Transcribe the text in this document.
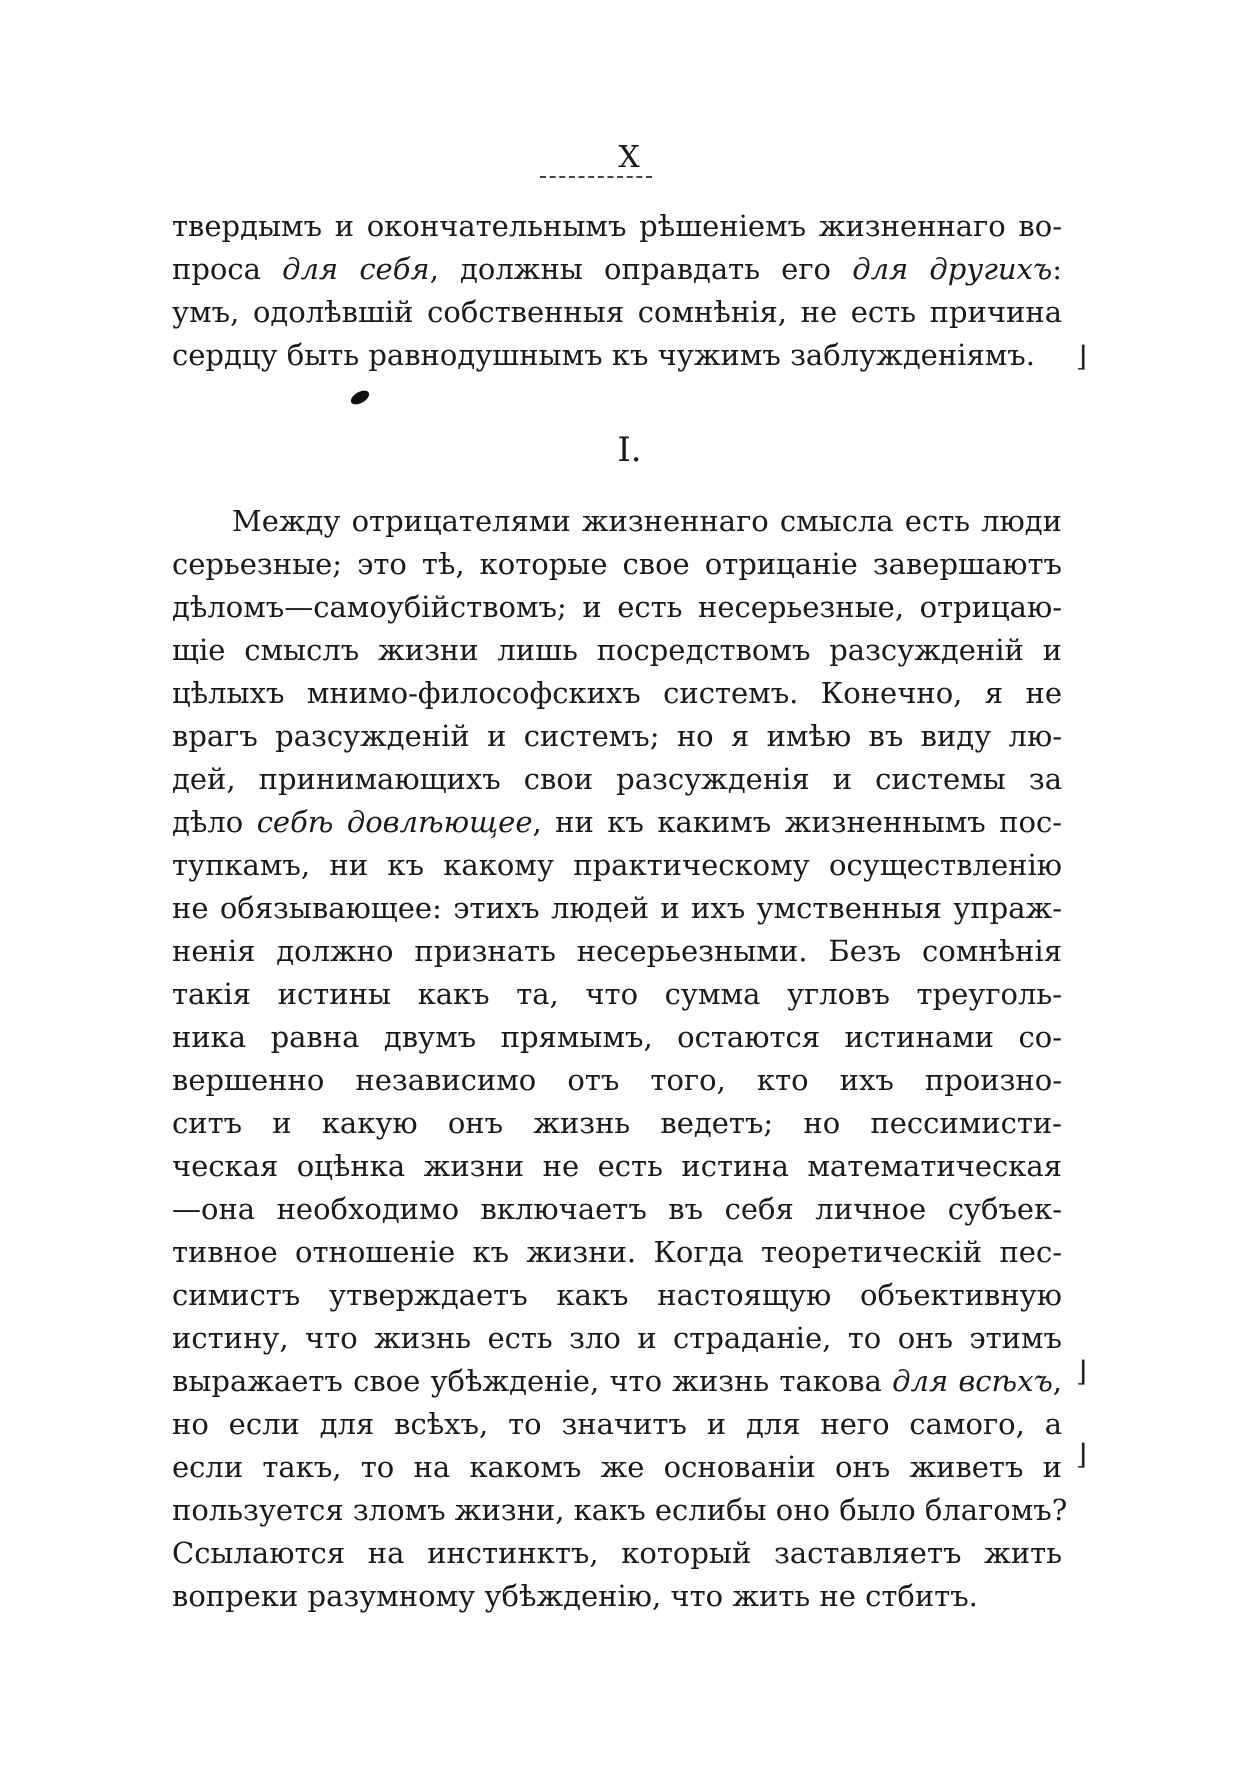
X
твердымъ и окончательнымъ рѣшеніемъ жизненнаго во-
проса для себя, должны оправдать его для другихъ:
умъ, одолѣвшій собственныя сомнѣнія, не есть причина
сердцу быть равнодушнымъ къ чужимъ заблужденіямъ.
I.
Между отрицателями жизненнаго смысла есть люди
серьезные; это тѣ, которые свое отрицаніе завершаютъ
дѣломъ—самоубійствомъ; и есть несерьезные, отрицаю-
щіе смыслъ жизни лишь посредствомъ разсужденій и
цѣлыхъ мнимо-философскихъ системъ. Конечно, я не
врагъ разсужденій и системъ; но я имѣю въ виду лю-
дей, принимающихъ свои разсужденія и системы за
дѣло себѣ довлѣющее, ни къ какимъ жизненнымъ пос-
тупкамъ, ни къ какому практическому осуществленію
не обязывающее: этихъ людей и ихъ умственныя упраж-
ненія должно признать несерьезными. Безъ сомнѣнія
такія истины какъ та, что сумма угловъ треуголь-
ника равна двумъ прямымъ, остаются истинами со-
вершенно независимо отъ того, кто ихъ произно-
ситъ и какую онъ жизнь ведетъ; но пессимисти-
ческая оцѣнка жизни не есть истина математическая
—она необходимо включаетъ въ себя личное субъек-
тивное отношеніе къ жизни. Когда теоретическій пес-
симистъ утверждаетъ какъ настоящую объективную
истину, что жизнь есть зло и страданіе, то онъ этимъ
выражаетъ свое убѣжденіе, что жизнь такова для всѣхъ,
но если для всѣхъ, то значитъ и для него самого, а
если такъ, то на какомъ же основаніи онъ живетъ и
пользуется зломъ жизни, какъ еслибы оно было благомъ?
Ссылаются на инстинктъ, который заставляетъ жить
вопреки разумному убѣжденію, что жить не стбитъ.
⌋
⌋
⌋
